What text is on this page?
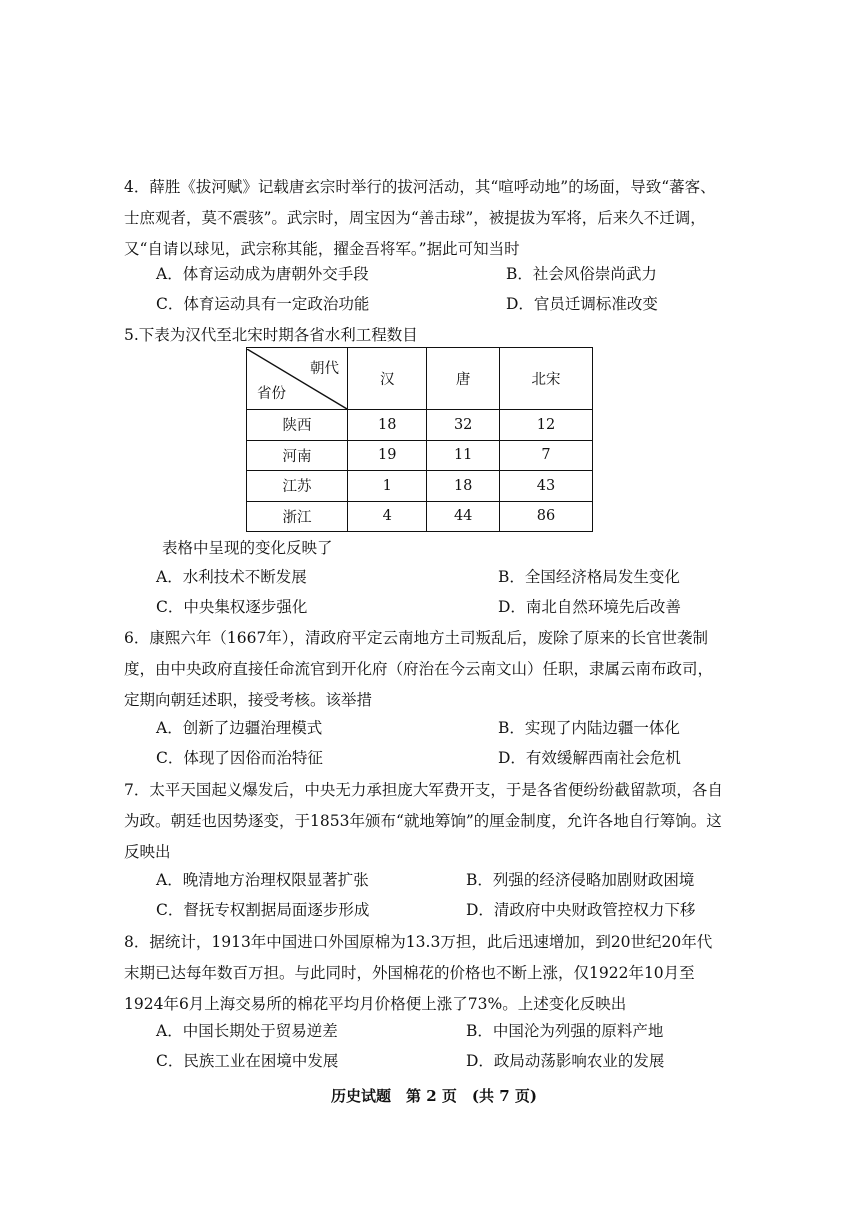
4．薛胜《拔河赋》记载唐玄宗时举行的拔河活动，其“喧呼动地”的场面，导致“蕃客、士庶观者，莫不震骇”。武宗时，周宝因为“善击球”，被提拔为军将，后来久不迁调，又“自请以球见，武宗称其能，擢金吾将军。”据此可知当时
A．体育运动成为唐朝外交手段	B．社会风俗崇尚武力
C．体育运动具有一定政治功能	D．官员迁调标准改变
5.下表为汉代至北宋时期各省水利工程数目
朝代
省份	汉	唐	北宋
陕西	18	32	12
河南	19	11	7
江苏	1	18	43
浙江	4	44	86
表格中呈现的变化反映了
A．水利技术不断发展	B．全国经济格局发生变化
C．中央集权逐步强化	D．南北自然环境先后改善
6．康熙六年（1667年），清政府平定云南地方土司叛乱后，废除了原来的长官世袭制度，由中央政府直接任命流官到开化府（府治在今云南文山）任职，隶属云南布政司，定期向朝廷述职，接受考核。该举措
A．创新了边疆治理模式	B．实现了内陆边疆一体化
C．体现了因俗而治特征	D．有效缓解西南社会危机
7．太平天国起义爆发后，中央无力承担庞大军费开支，于是各省便纷纷截留款项，各自为政。朝廷也因势逐变，于1853年颁布“就地筹饷”的厘金制度，允许各地自行筹饷。这反映出
A．晚清地方治理权限显著扩张	B．列强的经济侵略加剧财政困境
C．督抚专权割据局面逐步形成	D．清政府中央财政管控权力下移
8．据统计，1913年中国进口外国原棉为13.3万担，此后迅速增加，到20世纪20年代末期已达每年数百万担。与此同时，外国棉花的价格也不断上涨，仅1922年10月至1924年6月上海交易所的棉花平均月价格便上涨了73%。上述变化反映出
A．中国长期处于贸易逆差	B．中国沦为列强的原料产地
C．民族工业在困境中发展	D．政局动荡影响农业的发展
历史试题　第 2 页　(共 7 页)
